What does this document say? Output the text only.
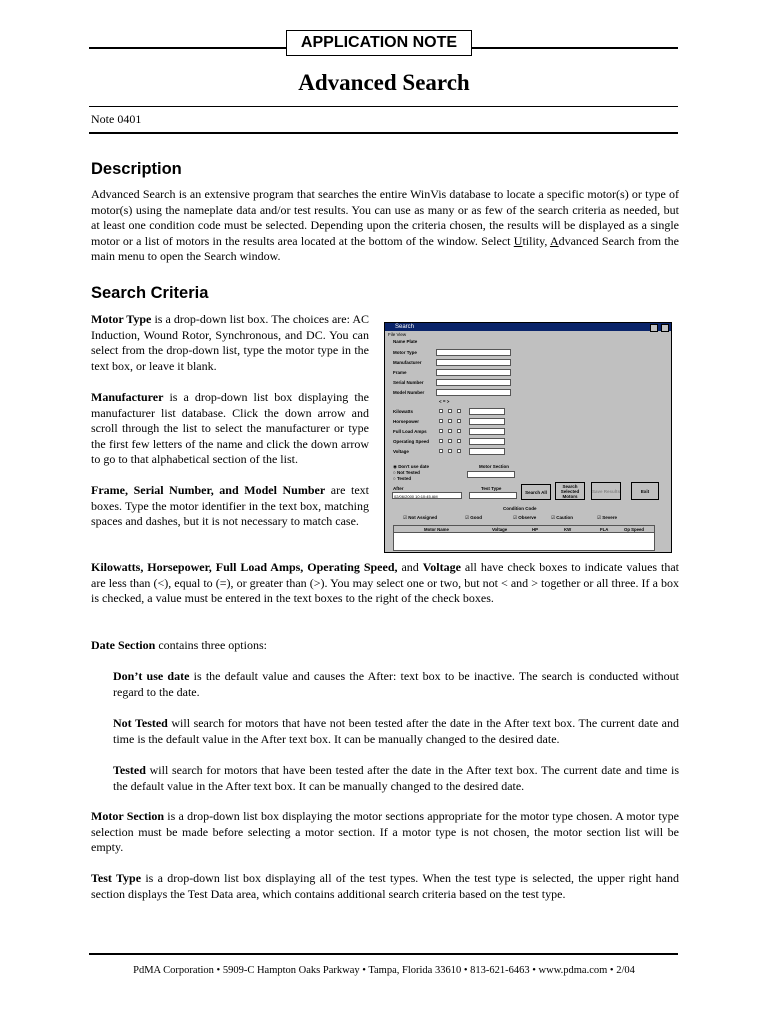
APPLICATION NOTE
Advanced Search
Note 0401
Description

Advanced Search is an extensive program that searches the entire WinVis database to locate a specific motor(s) or type of motor(s) using the nameplate data and/or test results. You can use as many or as few of the search criteria as needed, but at least one condition code must be selected. Depending upon the criteria chosen, the results will be displayed as a single motor or a list of motors in the results area located at the bottom of the window. Select Utility, Advanced Search from the main menu to open the Search window.

Search Criteria

Motor Type is a drop-down list box. The choices are: AC Induction, Wound Rotor, Synchronous, and DC. You can select from the drop-down list, type the motor type in the text box, or leave it blank.

Manufacturer is a drop-down list box displaying the manufacturer list database. Click the down arrow and scroll through the list to select the manufacturer or type the first few letters of the name and click the down arrow to go to that alphabetical section of the list.

Frame, Serial Number, and Model Number are text boxes. Type the motor identifier in the text box, matching spaces and dashes, but it is not necessary to match case.

Kilowatts, Horsepower, Full Load Amps, Operating Speed, and Voltage all have check boxes to indicate values that are less than (<), equal to (=), or greater than (>). You may select one or two, but not < and > together or all three. If a box is checked, a value must be entered in the text boxes to the right of the check boxes.

Date Section contains three options:

Don’t use date is the default value and causes the After: text box to be inactive. The search is conducted without regard to the date.

Not Tested will search for motors that have not been tested after the date in the After text box. The current date and time is the default value in the After text box. It can be manually changed to the desired date.

Tested will search for motors that have been tested after the date in the After text box. The current date and time is the default value in the After text box. It can be manually changed to the desired date.

Motor Section is a drop-down list box displaying the motor sections appropriate for the motor type chosen. A motor type selection must be made before selecting a motor section. If a motor type is not chosen, the motor section list will be empty.

Test Type is a drop-down list box displaying all of the test types. When the test type is selected, the upper right hand section displays the Test Data area, which contains additional search criteria based on the test type.

Search
File View
Name Plate
Motor Type
Manufacturer
Frame
Serial Number
Model Number
< = >
Kilowatts
Horsepower
Full Load Amps
Operating Speed
Voltage
◉ Don't use date
○ Not Tested
○ Tested
Motor Section
After
02/06/2000 10:10:45 AM
Test Type
Search All
Search Selected Motors
Save Results	Exit
Condition Code
☑ Not Assigned	☑ Good	☑ Observe	☑ Caution	☑ Severe
Motor Name	Voltage	HP	KW	FLA	Op Speed
PdMA Corporation • 5909-C Hampton Oaks Parkway • Tampa, Florida 33610 • 813-621-6463 • www.pdma.com • 2/04
